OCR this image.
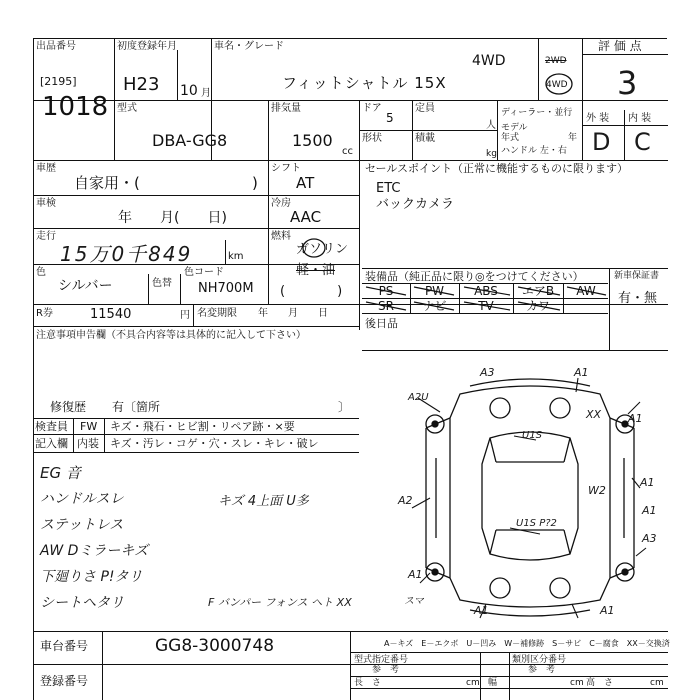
出品番号
[2195]
1018
初度登録年月
H23 10 月
車名・グレード
フィットシャトル 15X
4WD	2WD
4WD
評 価 点
3
型式
DBA-GG8
排気量
1500
cc
ドア
5
定員
人
形状	積載
kg
ディーラー・並行
モデル
年式	年
ハンドル 左・右
外 装 内 装
D C
車歴
自家用・(	)
シフト
AT
車検
年　　月(　　日)
冷房
AAC
走行
15万0千849	km
燃料
ガソリン
軽・油
(　　　　)
色
シルバー	色替
色コード
NH700M
R券	11540	円 名変期限 年　　月　　日
セールスポイント（正常に機能するものに限ります）
ETC
バックカメラ
装備品（純正品に限り◎をつけてください）	新車保証書
有・無
PS	PW	ABS	エアB	AW
SR	ナビ	TV	カワ
後日品
注意事項申告欄（不具合内容等は具体的に記入して下さい）
修復歴 有〔箇所	〕
検査員 FW キズ・飛石・ヒビ割・リペア跡・×要
記入欄 内装 キズ・汚レ・コゲ・穴・スレ・キレ・破レ
EG 音
ハンドルスレ
ステットレス
AW Dミラーキズ
下廻りさ P!タリ
シートヘタリ
キズ 4上面 U多
F バンパー フォンス ヘト XX
A3	A1
A2U
XX A1
U1S
A1
W2
A2
A1
U1S P?2
A3
A1
A1	A1
スマ
車台番号	GG8-3000748
登録番号
A－キズ　E－エクボ　U－凹み　W－補修跡　S－サビ　C－腐食　XX－交換済
型式指定番号
参　考
類別区分番号
参　考
長　さ	cm 幅	cm 高　さ	cm
